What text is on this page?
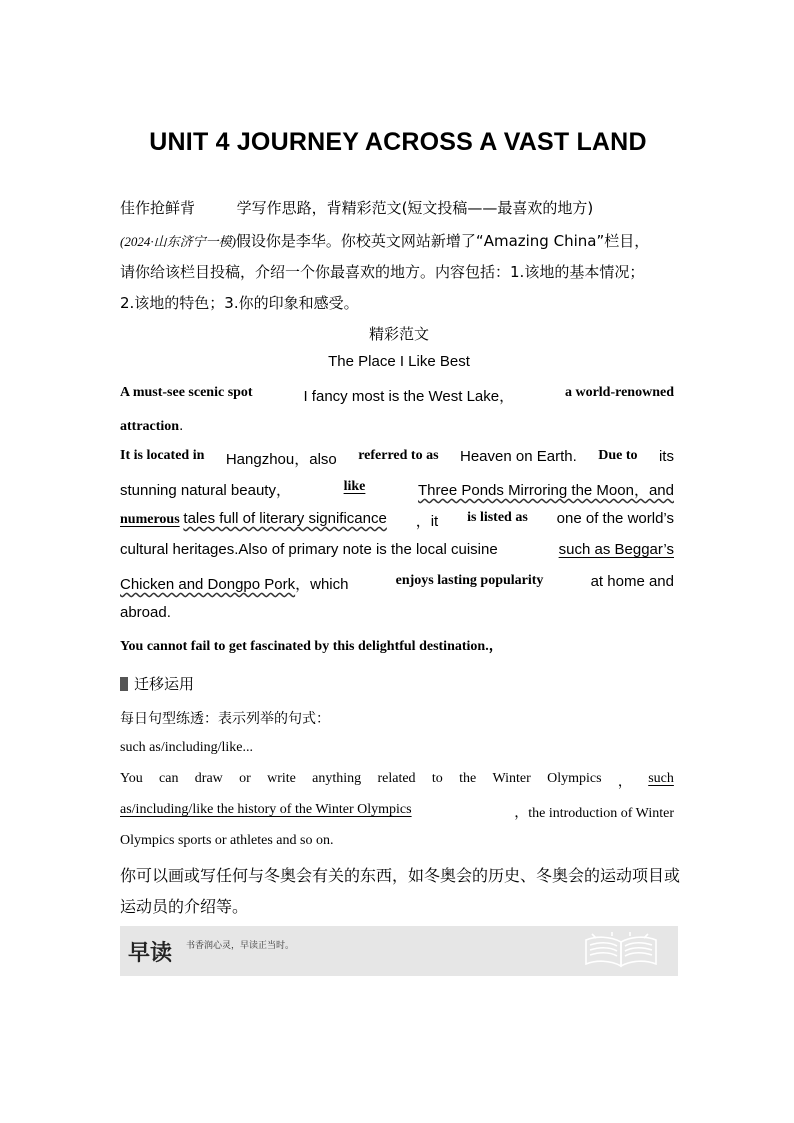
UNIT 4 JOURNEY ACROSS A VAST LAND
佳作抢鲜背	学写作思路，背精彩范文(短文投稿——最喜欢的地方)
(2024·山东济宁一模)假设你是李华。你校英文网站新增了“Amazing China”栏目，
请你给该栏目投稿，介绍一个你最喜欢的地方。内容包括：1.该地的基本情况；
2.该地的特色；3.你的印象和感受。
精彩范文
The Place I Like Best
A must-see scenic spot	I fancy most is the West Lake，	a world-renowned
attraction.
It is located in Hangzhou，also referred to as Heaven on Earth. Due to its
stunning natural beauty，	like	Three Ponds Mirroring the Moon，and
numerous tales full of literary significance ，it is listed as one of the world’s
cultural heritages.Also of primary note is the local cuisine	such as Beggar’s
Chicken and Dongpo Pork，which	enjoys lasting popularity	at home and
abroad.
You cannot fail to get fascinated by this delightful destination.，
迁移运用
每日句型练透：表示列举的句式：
such as/including/like...
You can draw or write anything related to the Winter Olympics ， such
as/including/like the history of the Winter Olympics	，the introduction of Winter
Olympics sports or athletes and so on.
你可以画或写任何与冬奥会有关的东西，如冬奥会的历史、冬奥会的运动项目或
运动员的介绍等。
早读 书香润心灵，早读正当时。
